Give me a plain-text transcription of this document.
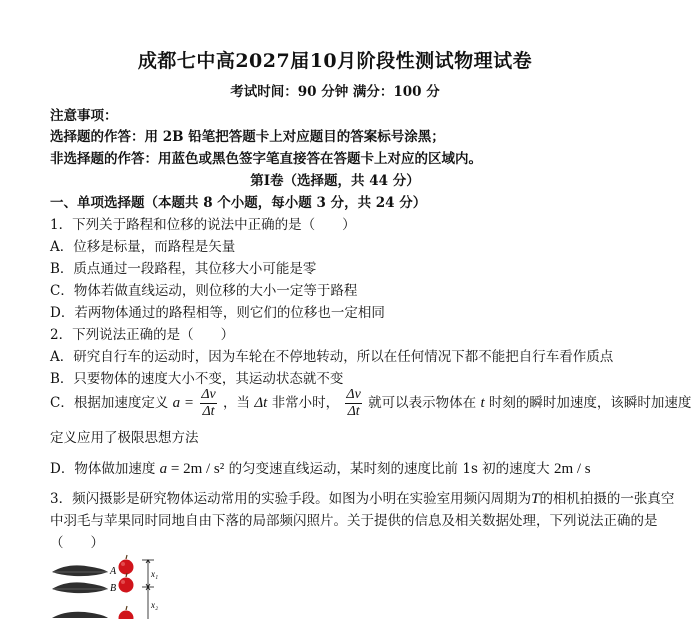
成都七中高2027届10月阶段性测试物理试卷
考试时间：90 分钟 满分：100 分
注意事项：
选择题的作答：用 2B 铅笔把答题卡上对应题目的答案标号涂黑；
非选择题的作答：用蓝色或黑色签字笔直接答在答题卡上对应的区域内。
第Ⅰ卷（选择题，共 44 分）
一、单项选择题（本题共 8 个小题，每小题 3 分，共 24 分）
1．下列关于路程和位移的说法中正确的是（　　）
A．位移是标量，而路程是矢量
B．质点通过一段路程，其位移大小可能是零
C．物体若做直线运动，则位移的大小一定等于路程
D．若两物体通过的路程相等，则它们的位移也一定相同
2．下列说法正确的是（　　）
A．研究自行车的运动时，因为车轮在不停地转动，所以在任何情况下都不能把自行车看作质点
B．只要物体的速度大小不变，其运动状态就不变
C．根据加速度定义 $a = \frac{\Delta v}{\Delta t}$ ，当 Δt 非常小时， $\frac{\Delta v}{\Delta t}$ 就可以表示物体在 t 时刻的瞬时加速度，该瞬时加速度
定义应用了极限思想方法
D．物体做加速度 a = 2m / s² 的匀变速直线运动，某时刻的速度比前 1s 初的速度大 2m / s
3．频闪摄影是研究物体运动常用的实验手段。如图为小明在实验室用频闪周期为T的相机拍摄的一张真空
中羽毛与苹果同时同地自由下落的局部频闪照片。关于提供的信息及相关数据处理，下列说法正确的是
（　　）
A
B
x₁
x₂
